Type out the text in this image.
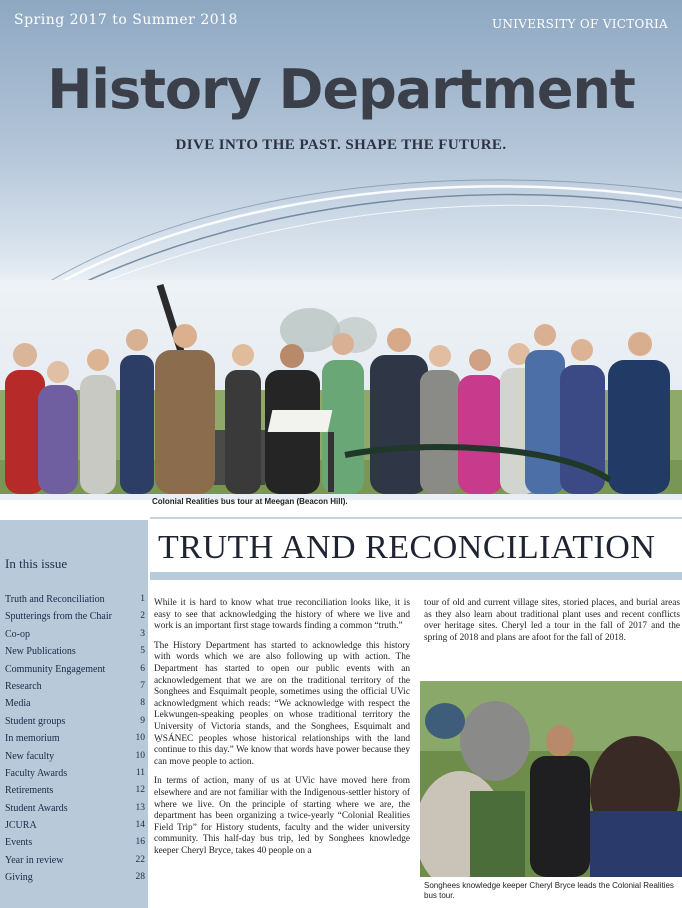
Spring 2017 to Summer 2018	UNIVERSITY OF VICTORIA
History Department
DIVE INTO THE PAST. SHAPE THE FUTURE.
Colonial Realities bus tour at Meegan (Beacon Hill).
In this issue
Truth and Reconciliation	1
Sputterings from the Chair	2
Co-op	3
New Publications	5
Community Engagement	6
Research	7
Media	8
Student groups	9
In memorium	10
New faculty	10
Faculty Awards	11
Retirements	12
Student Awards	13
JCURA	14
Events	16
Year in review	22
Giving	28
TRUTH AND RECONCILIATION

While it is hard to know what true reconciliation looks like, it is easy to see that acknowledging the history of where we live and work is an important first stage towards finding a common “truth.”

The History Department has started to acknowledge this history with words which we are also following up with action. The Department has started to open our public events with an acknowledgement that we are on the traditional territory of the Songhees and Esquimalt people, sometimes using the official UVic acknowledgment which reads: “We acknowledge with respect the Lekwungen-speaking peoples on whose traditional territory the University of Victoria stands, and the Songhees, Esquimalt and W̱SÁNEC peoples whose historical relationships with the land continue to this day.” We know that words have power because they can move people to action.

In terms of action, many of us at UVic have moved here from elsewhere and are not familiar with the Indigenous-settler history of where we live. On the principle of starting where we are, the department has been organizing a twice-yearly “Colonial Realities Field Trip” for History students, faculty and the wider university community. This half-day bus trip, led by Songhees knowledge keeper Cheryl Bryce, takes 40 people on a

tour of old and current village sites, storied places, and burial areas as they also learn about traditional plant uses and recent conflicts over heritage sites. Cheryl led a tour in the fall of 2017 and the spring of 2018 and plans are afoot for the fall of 2018.

Songhees knowledge keeper Cheryl Bryce leads the Colonial Realities bus tour.
